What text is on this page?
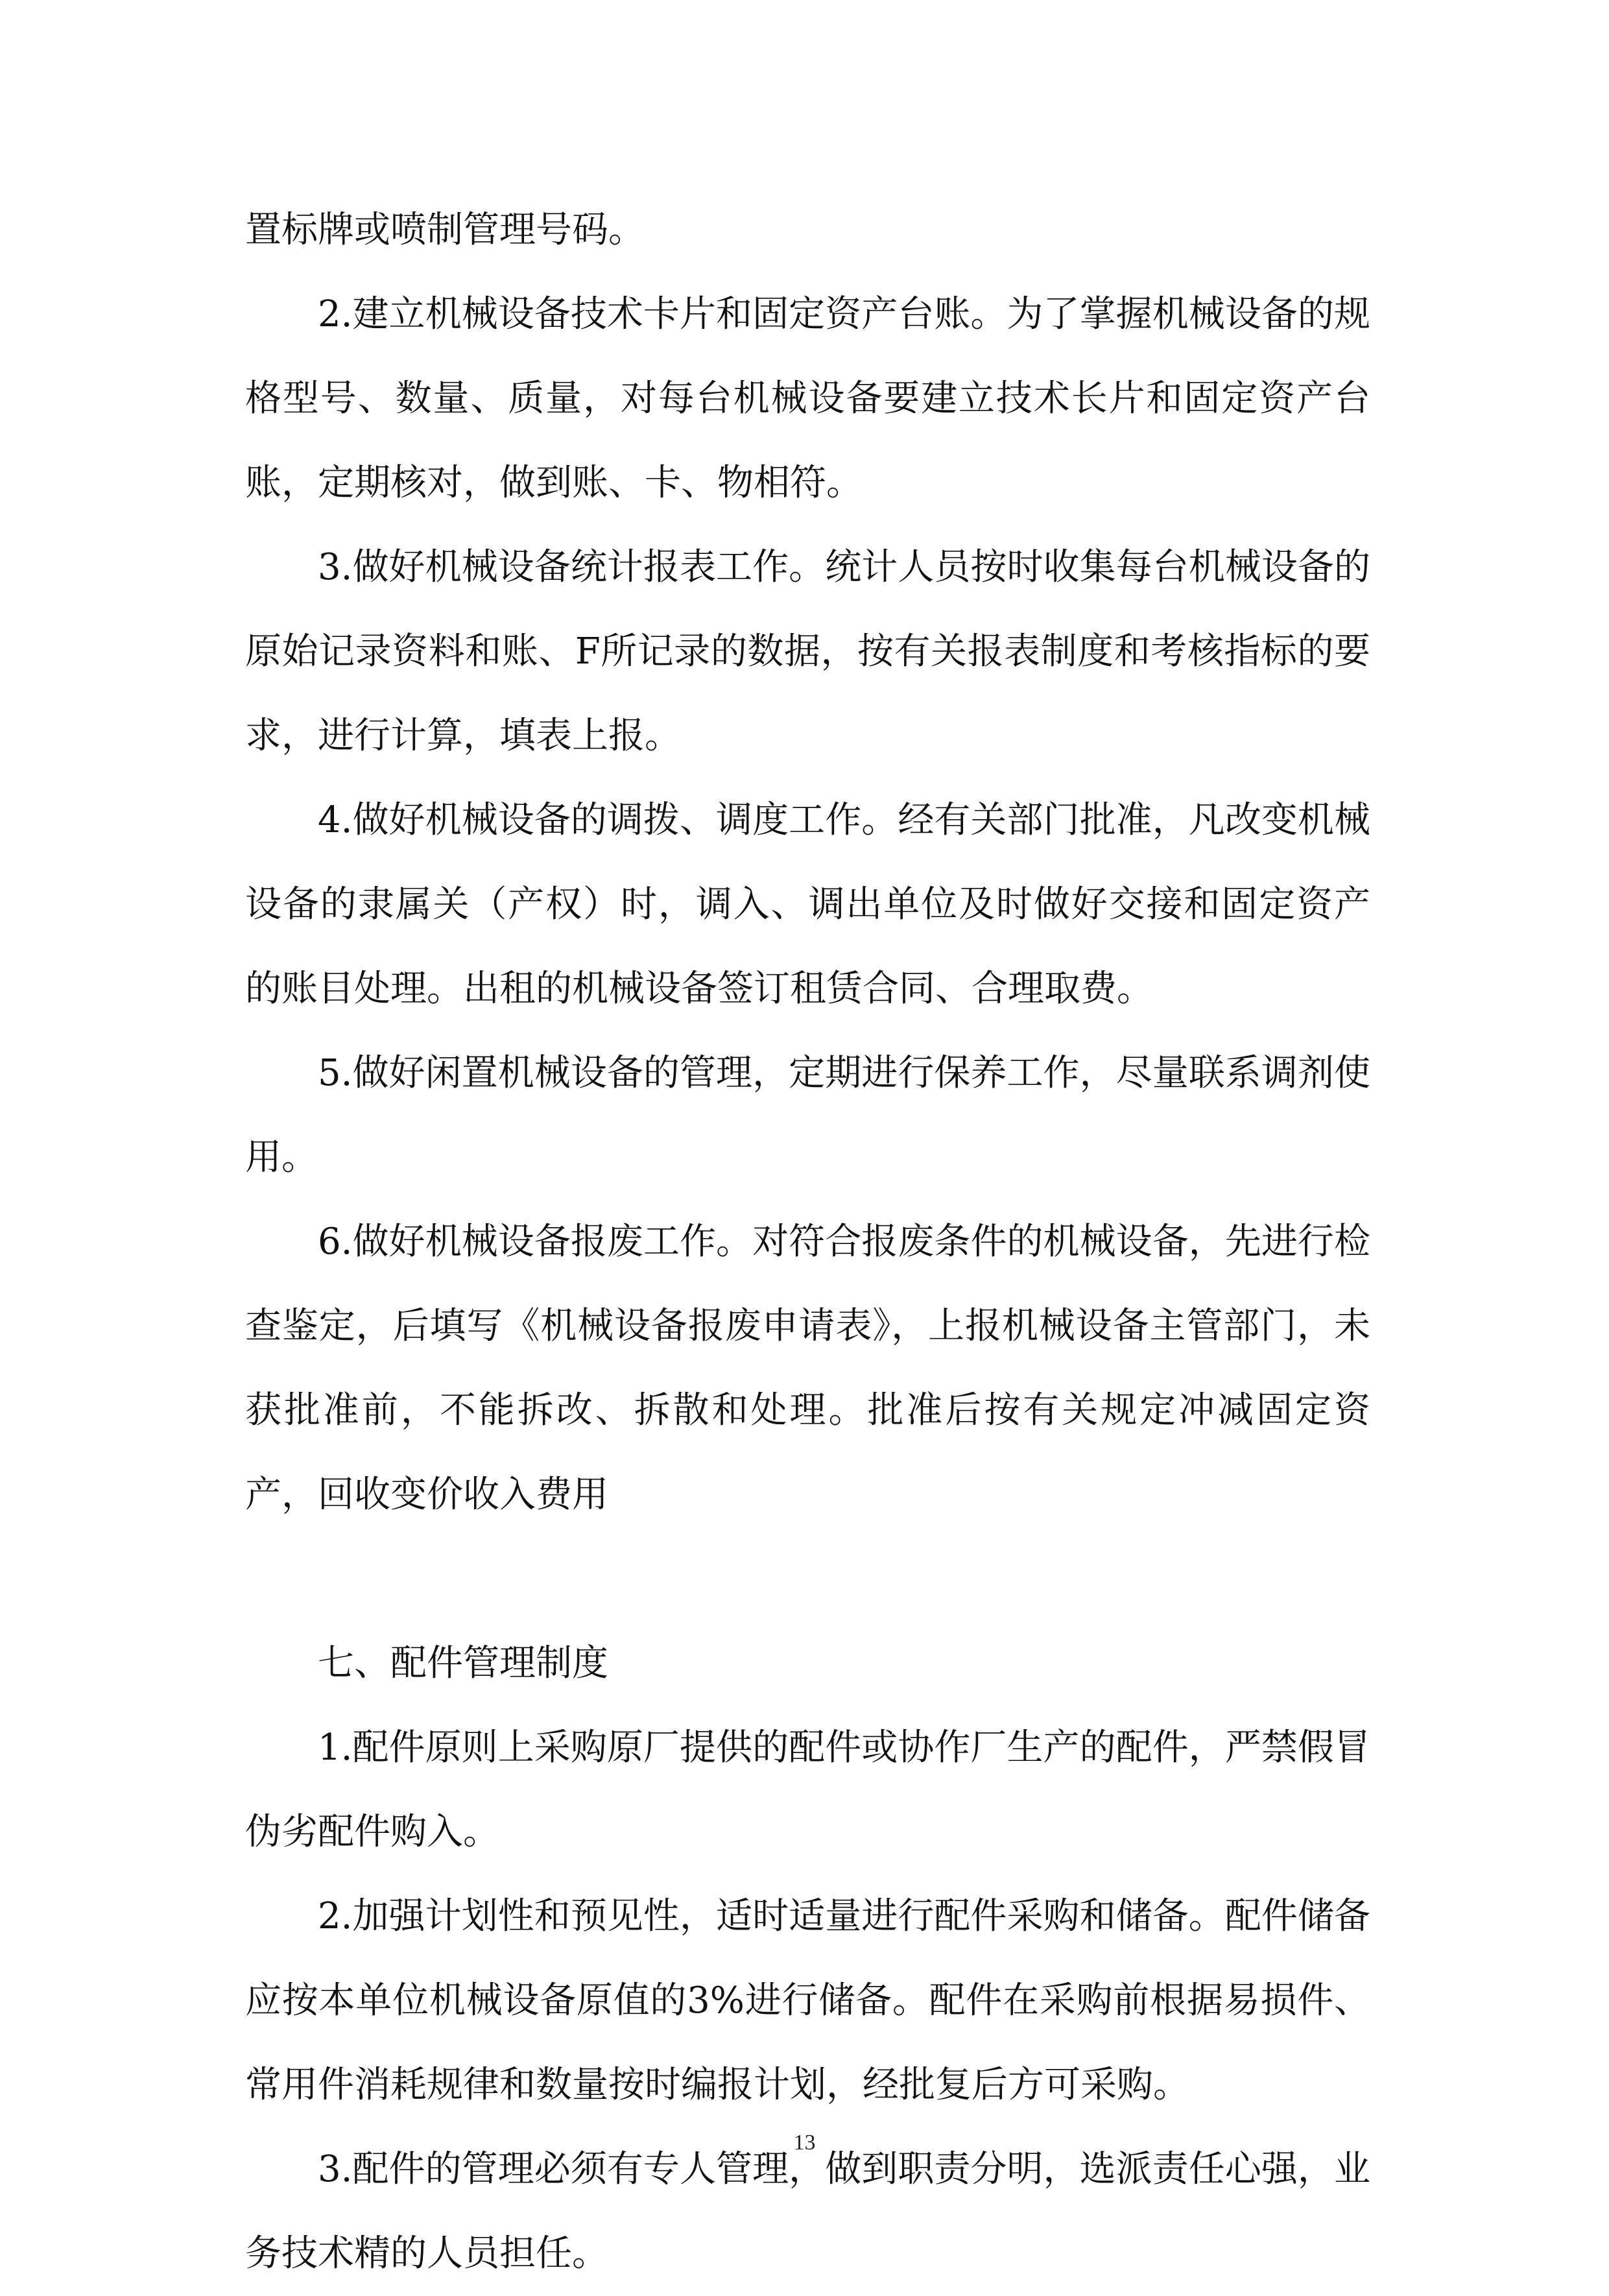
置标牌或喷制管理号码。

2.建立机械设备技术卡片和固定资产台账。为了掌握机械设备的规格型号、数量、质量，对每台机械设备要建立技术长片和固定资产台账，定期核对，做到账、卡、物相符。

3.做好机械设备统计报表工作。统计人员按时收集每台机械设备的原始记录资料和账、F所记录的数据，按有关报表制度和考核指标的要求，进行计算，填表上报。

4.做好机械设备的调拨、调度工作。经有关部门批准，凡改变机械设备的隶属关（产权）时，调入、调出单位及时做好交接和固定资产的账目处理。出租的机械设备签订租赁合同、合理取费。

5.做好闲置机械设备的管理，定期进行保养工作，尽量联系调剂使用。

6.做好机械设备报废工作。对符合报废条件的机械设备，先进行检查鉴定，后填写《机械设备报废申请表》，上报机械设备主管部门，未获批准前，不能拆改、拆散和处理。批准后按有关规定冲减固定资产，回收变价收入费用

七、配件管理制度

1.配件原则上采购原厂提供的配件或协作厂生产的配件，严禁假冒伪劣配件购入。

2.加强计划性和预见性，适时适量进行配件采购和储备。配件储备应按本单位机械设备原值的3%进行储备。配件在采购前根据易损件、常用件消耗规律和数量按时编报计划，经批复后方可采购。

3.配件的管理必须有专人管理，做到职责分明，选派责任心强，业务技术精的人员担任。

13
